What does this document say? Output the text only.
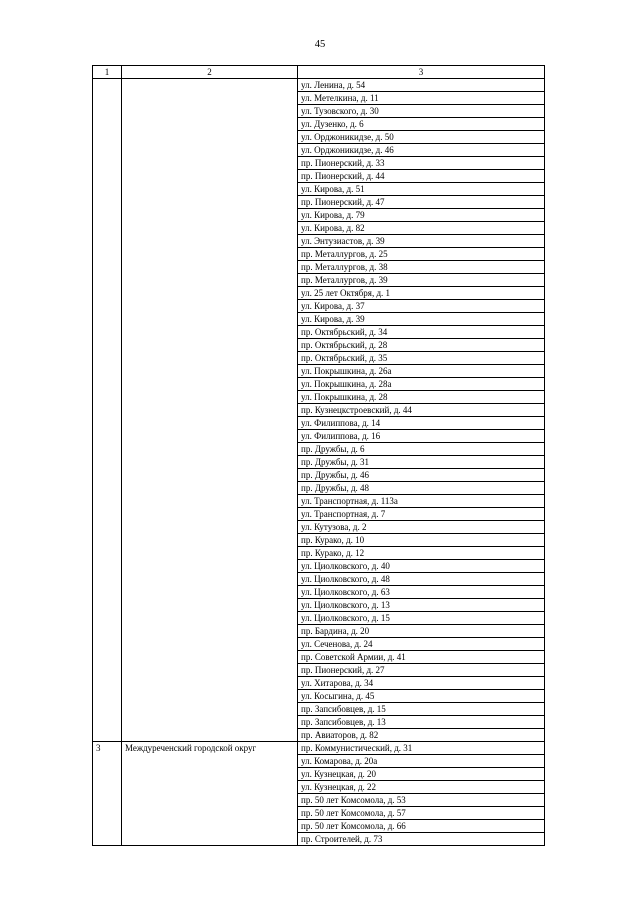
45
1	2	3
		ул. Ленина, д. 54
		ул. Метелкина, д. 11
		ул. Тузовского, д. 30
		ул. Дузенко, д. 6
		ул. Орджоникидзе, д. 50
		ул. Орджоникидзе, д. 46
		пр. Пионерский, д. 33
		пр. Пионерский, д. 44
		ул. Кирова, д. 51
		пр. Пионерский, д. 47
		ул. Кирова, д. 79
		ул. Кирова, д. 82
		ул. Энтузиастов, д. 39
		пр. Металлургов, д. 25
		пр. Металлургов, д. 38
		пр. Металлургов, д. 39
		ул. 25 лет Октября, д. 1
		ул. Кирова, д. 37
		ул. Кирова, д. 39
		пр. Октябрьский, д. 34
		пр. Октябрьский, д. 28
		пр. Октябрьский, д. 35
		ул. Покрышкина, д. 26а
		ул. Покрышкина, д. 28а
		ул. Покрышкина, д. 28
		пр. Кузнецкстроевский, д. 44
		ул. Филиппова, д. 14
		ул. Филиппова, д. 16
		пр. Дружбы, д. 6
		пр. Дружбы, д. 31
		пр. Дружбы, д. 46
		пр. Дружбы, д. 48
		ул. Транспортная, д. 113а
		ул. Транспортная, д. 7
		ул. Кутузова, д. 2
		пр. Курако, д. 10
		пр. Курако, д. 12
		ул. Циолковского, д. 40
		ул. Циолковского, д. 48
		ул. Циолковского, д. 63
		ул. Циолковского, д. 13
		ул. Циолковского, д. 15
		пр. Бардина, д. 20
		ул. Сеченова, д. 24
		пр. Советской Армии, д. 41
		пр. Пионерский, д. 27
		ул. Хитарова, д. 34
		ул. Косыгина, д. 45
		пр. Запсибовцев, д. 15
		пр. Запсибовцев, д. 13
		пр. Авиаторов, д. 82
3	Междуреченский городской округ	пр. Коммунистический, д. 31
		ул. Комарова, д. 20а
		ул. Кузнецкая, д. 20
		ул. Кузнецкая, д. 22
		пр. 50 лет Комсомола, д. 53
		пр. 50 лет Комсомола, д. 57
		пр. 50 лет Комсомола, д. 66
		пр. Строителей, д. 73
